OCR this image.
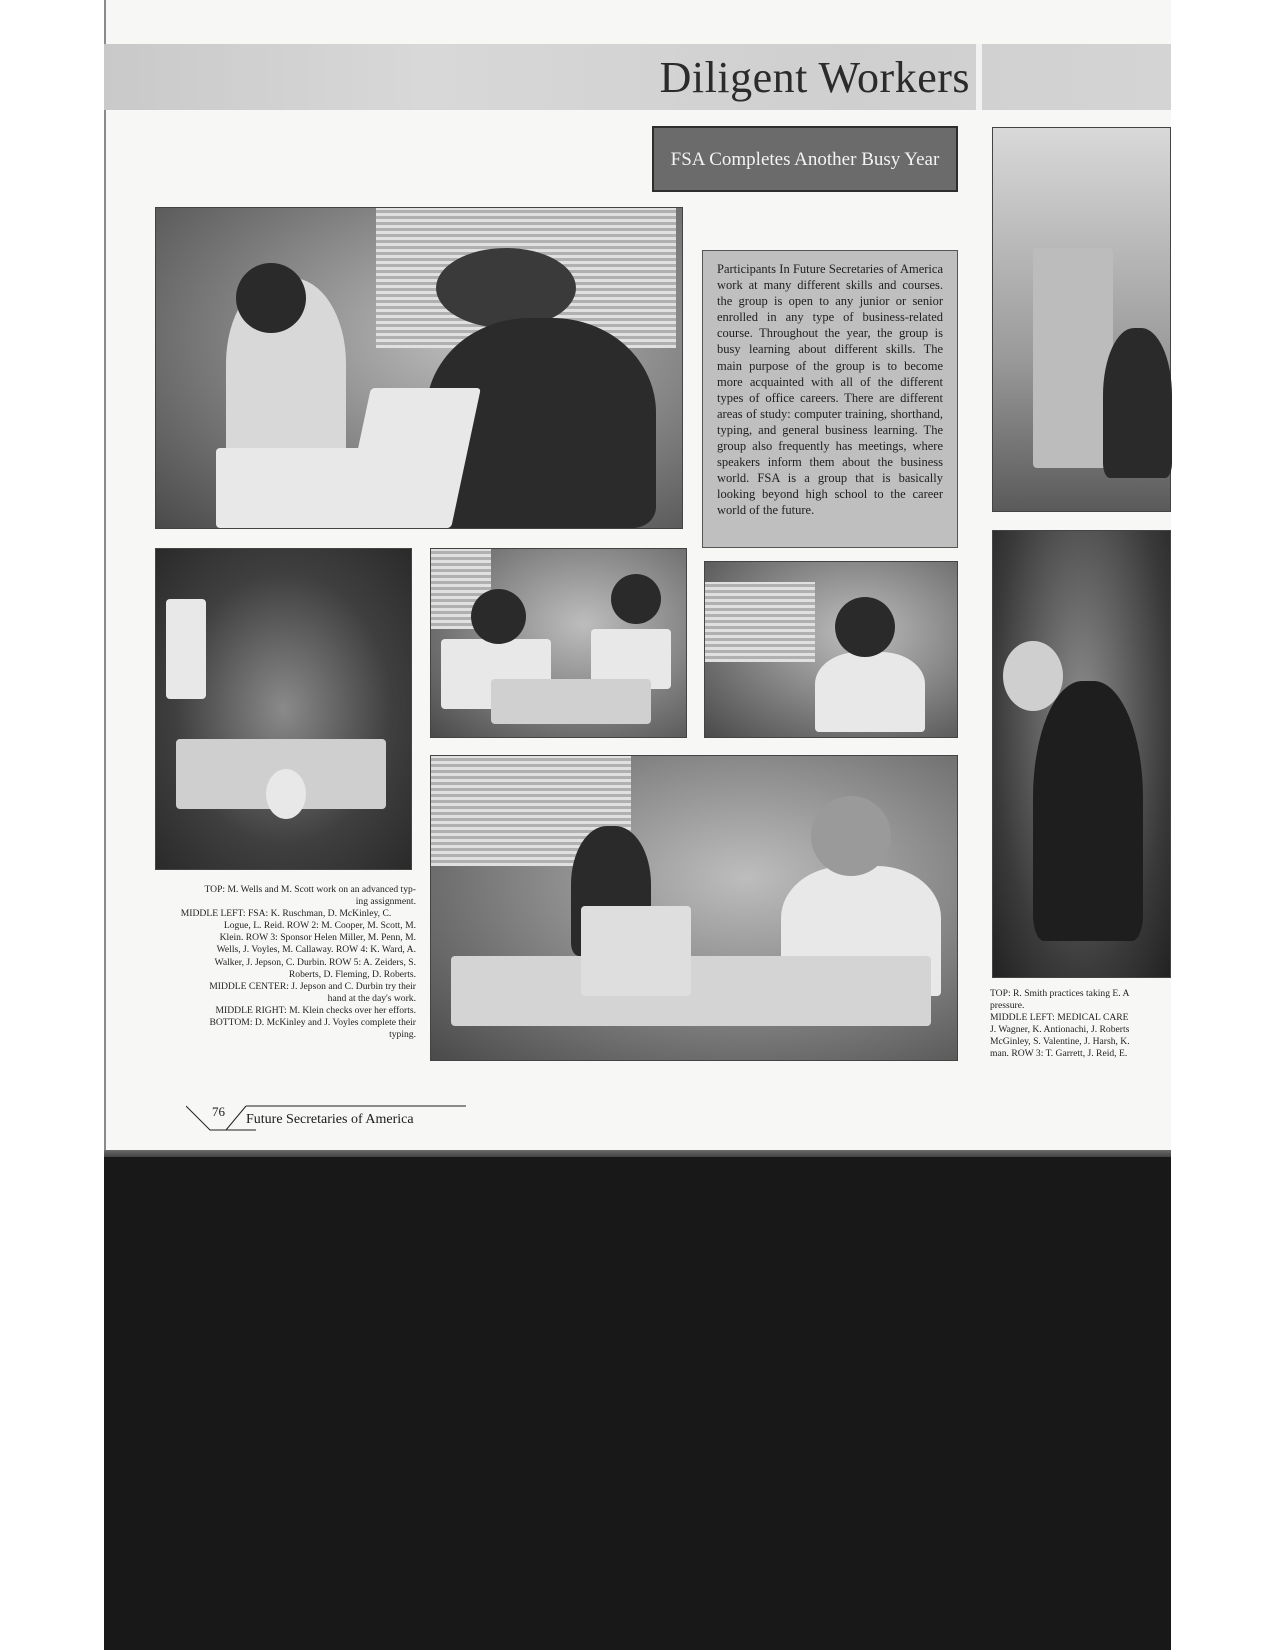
Diligent Workers
FSA Completes Another Busy Year
Participants In Future Secretaries of America work at many different skills and courses. the group is open to any junior or senior enrolled in any type of business-related course. Throughout the year, the group is busy learning about different skills. The main purpose of the group is to become more acquainted with all of the different types of office careers. There are different areas of study: computer training, shorthand, typing, and general business learning. The group also frequently has meetings, where speakers inform them about the business world. FSA is a group that is basically looking beyond high school to the career world of the future.

TOP: M. Wells and M. Scott work on an advanced typ-

ing assignment.

MIDDLE LEFT: FSA: K. Ruschman, D. McKinley, C.

Logue, L. Reid. ROW 2: M. Cooper, M. Scott, M.

Klein. ROW 3: Sponsor Helen Miller, M. Penn, M.

Wells, J. Voyles, M. Callaway. ROW 4: K. Ward, A.

Walker, J. Jepson, C. Durbin. ROW 5: A. Zeiders, S.

Roberts, D. Fleming, D. Roberts.

MIDDLE CENTER: J. Jepson and C. Durbin try their

hand at the day's work.

MIDDLE RIGHT: M. Klein checks over her efforts.

BOTTOM: D. McKinley and J. Voyles complete their

typing.

TOP: R. Smith practices taking E. A

pressure.

MIDDLE LEFT: MEDICAL CARE

J. Wagner, K. Antionachi, J. Roberts

McGinley, S. Valentine, J. Harsh, K.

man. ROW 3: T. Garrett, J. Reid, E.

76
Future Secretaries of America
